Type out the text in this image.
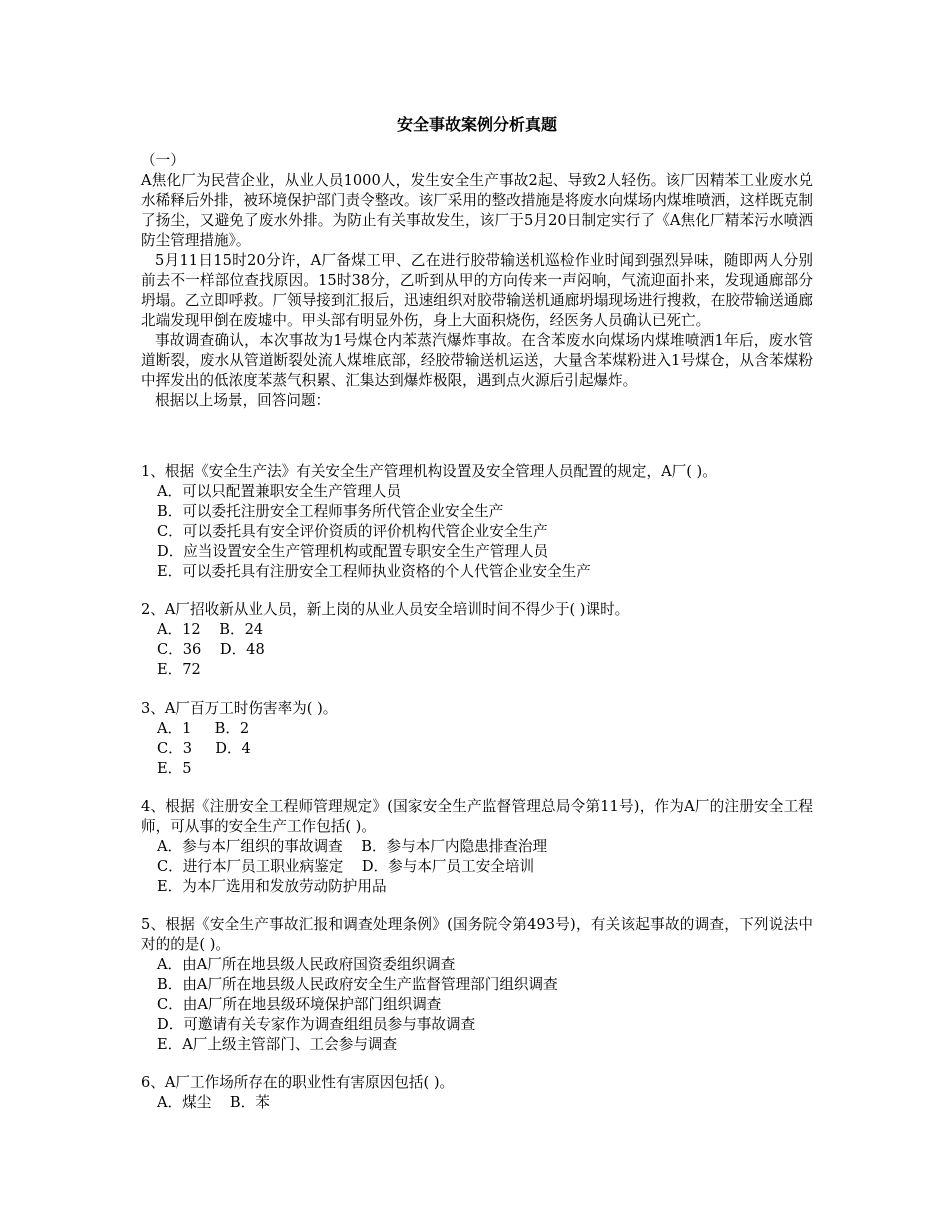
安全事故案例分析真题

（一）

A焦化厂为民营企业，从业人员1000人，发生安全生产事故2起、导致2人轻伤。该厂因精苯工业废水兑水稀释后外排，被环境保护部门责令整改。该厂采用的整改措施是将废水向煤场内煤堆喷洒，这样既克制了扬尘，又避免了废水外排。为防止有关事故发生，该厂于5月20日制定实行了《A焦化厂精苯污水喷洒防尘管理措施》。

5月11日15时20分许，A厂备煤工甲、乙在进行胶带输送机巡检作业时闻到强烈异味，随即两人分别前去不一样部位查找原因。15时38分，乙听到从甲的方向传来一声闷响，气流迎面扑来，发现通廊部分坍塌。乙立即呼救。厂领导接到汇报后，迅速组织对胶带输送机通廊坍塌现场进行搜救，在胶带输送通廊北端发现甲倒在废墟中。甲头部有明显外伤，身上大面积烧伤，经医务人员确认已死亡。

事故调查确认，本次事故为1号煤仓内苯蒸汽爆炸事故。在含苯废水向煤场内煤堆喷洒1年后，废水管道断裂，废水从管道断裂处流人煤堆底部，经胶带输送机运送，大量含苯煤粉进入1号煤仓，从含苯煤粉中挥发出的低浓度苯蒸气积累、汇集达到爆炸极限，遇到点火源后引起爆炸。

根据以上场景，回答问题：

1、根据《安全生产法》有关安全生产管理机构设置及安全管理人员配置的规定，A厂( )。

A．可以只配置兼职安全生产管理人员
B．可以委托注册安全工程师事务所代管企业安全生产
C．可以委托具有安全评价资质的评价机构代管企业安全生产
D．应当设置安全生产管理机构或配置专职安全生产管理人员
E．可以委托具有注册安全工程师执业资格的个人代管企业安全生产

2、A厂招收新从业人员，新上岗的从业人员安全培训时间不得少于( )课时。

A．12    B．24
C．36    D．48
E．72

3、A厂百万工时伤害率为( )。

A．1     B．2
C．3     D．4
E．5

4、根据《注册安全工程师管理规定》(国家安全生产监督管理总局令第11号)，作为A厂的注册安全工程师，可从事的安全生产工作包括( )。

A．参与本厂组织的事故调查    B．参与本厂内隐患排查治理
C．进行本厂员工职业病鉴定    D．参与本厂员工安全培训
E．为本厂选用和发放劳动防护用品

5、根据《安全生产事故汇报和调查处理条例》(国务院令第493号)，有关该起事故的调查，下列说法中对的的是( )。

A．由A厂所在地县级人民政府国资委组织调查
B．由A厂所在地县级人民政府安全生产监督管理部门组织调查
C．由A厂所在地县级环境保护部门组织调查
D．可邀请有关专家作为调查组组员参与事故调查
E．A厂上级主管部门、工会参与调查

6、A厂工作场所存在的职业性有害原因包括( )。

A．煤尘    B．苯
